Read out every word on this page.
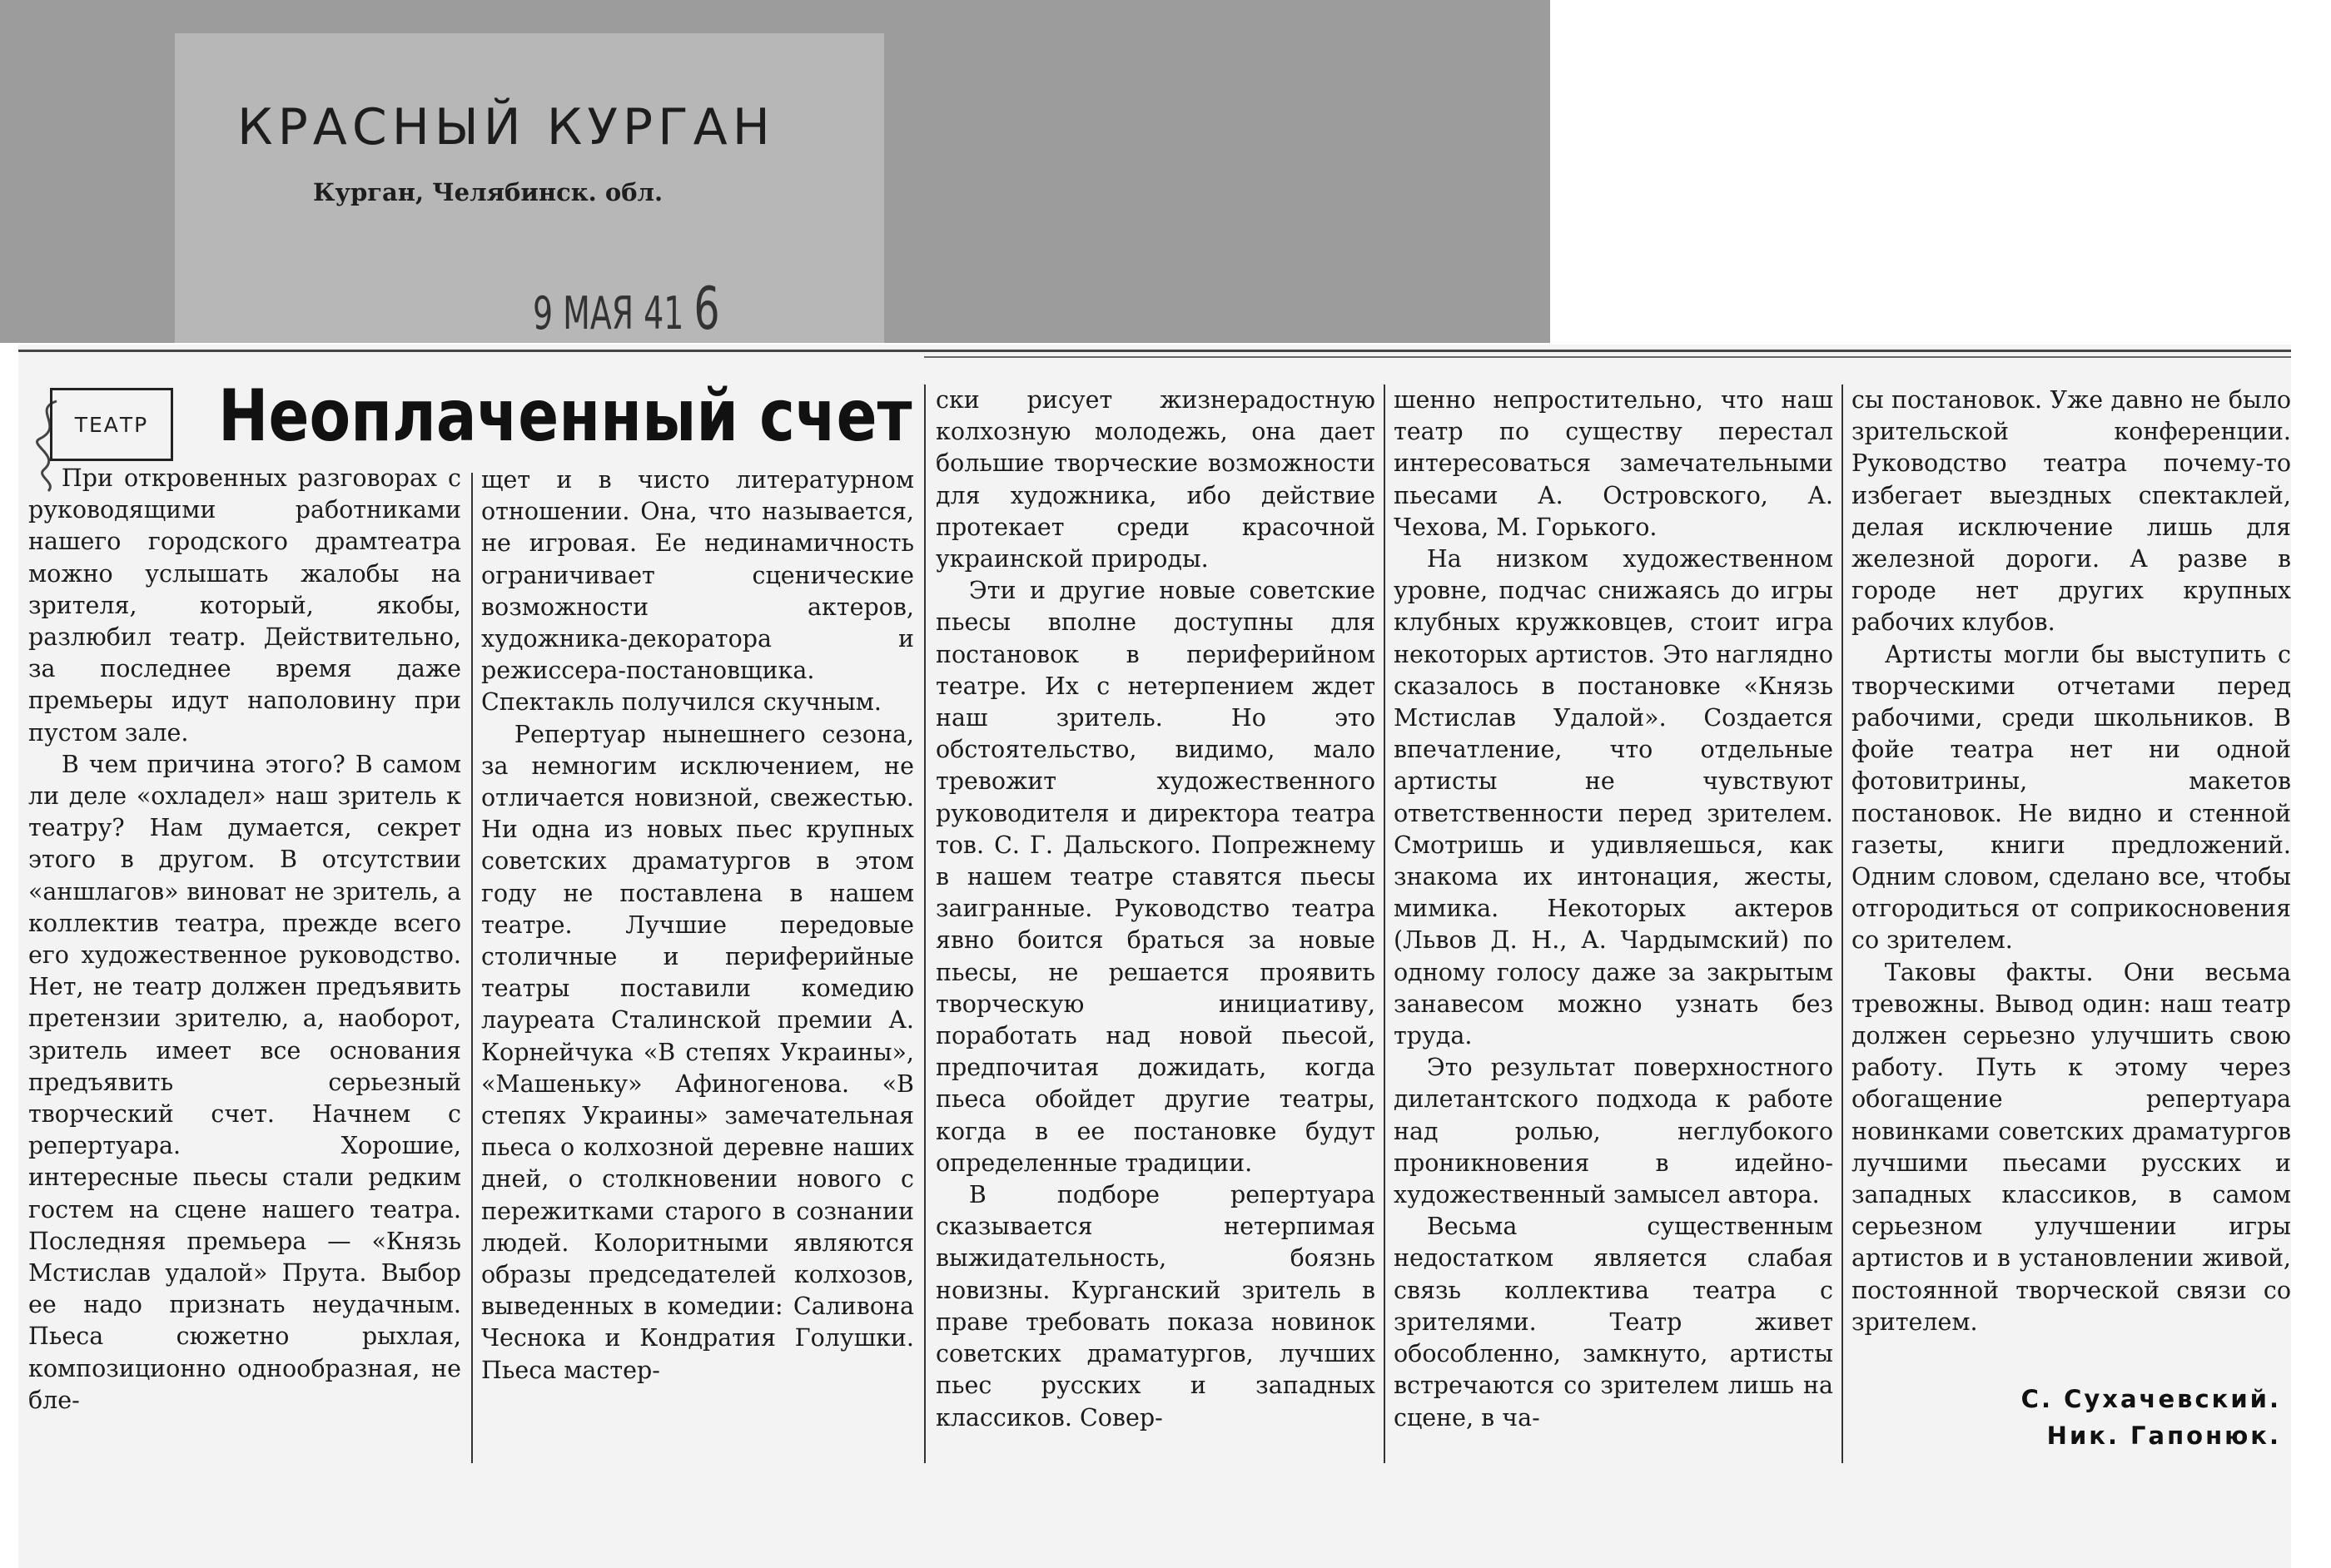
КРАСНЫЙ КУРГАН
Курган, Челябинск. обл.
9 МАЯ 41 6
ТЕАТР Неоплаченный счет

При откровенных разговорах с руководящими работниками нашего городского драмтеатра можно услышать жалобы на зрителя, который, якобы, разлюбил театр. Действительно, за последнее время даже премьеры идут наполовину при пустом зале.

В чем причина этого? В самом ли деле «охладел» наш зритель к театру? Нам думается, секрет этого в другом. В отсутствии «аншлагов» виноват не зритель, а коллектив театра, прежде всего его художественное руководство. Нет, не театр должен предъявить претензии зрителю, а, наоборот, зритель имеет все основания предъявить серьезный творческий счет. Начнем с репертуара. Хорошие, интересные пьесы стали редким гостем на сцене нашего театра. Последняя премьера — «Князь Мстислав удалой» Прута. Выбор ее надо признать неудачным. Пьеса сюжетно рыхлая, композиционно однообразная, не бле-

щет и в чисто литературном отношении. Она, что называется, не игровая. Ее нединамичность ограничивает сценические возможности актеров, художника-декоратора и режиссера-постановщика. Спектакль получился скучным.

Репертуар нынешнего сезона, за немногим исключением, не отличается новизной, свежестью. Ни одна из новых пьес крупных советских драматургов в этом году не поставлена в нашем театре. Лучшие передовые столичные и периферийные театры поставили комедию лауреата Сталинской премии А. Корнейчука «В степях Украины», «Машеньку» Афиногенова. «В степях Украины» замечательная пьеса о колхозной деревне наших дней, о столкновении нового с пережитками старого в сознании людей. Колоритными являются образы председателей колхозов, выведенных в комедии: Саливона Чеснока и Кондратия Голушки. Пьеса мастер-

ски рисует жизнерадостную колхозную молодежь, она дает большие творческие возможности для художника, ибо действие протекает среди красочной украинской природы.

Эти и другие новые советские пьесы вполне доступны для постановок в периферийном театре. Их с нетерпением ждет наш зритель. Но это обстоятельство, видимо, мало тревожит художественного руководителя и директора театра тов. С. Г. Дальского. Попрежнему в нашем театре ставятся пьесы заигранные. Руководство театра явно боится браться за новые пьесы, не решается проявить творческую инициативу, поработать над новой пьесой, предпочитая дожидать, когда пьеса обойдет другие театры, когда в ее постановке будут определенные традиции.

В подборе репертуара сказывается нетерпимая выжидательность, боязнь новизны. Курганский зритель в праве требовать показа новинок советских драматургов, лучших пьес русских и западных классиков. Совер-

шенно непростительно, что наш театр по существу перестал интересоваться замечательными пьесами А. Островского, А. Чехова, М. Горького.

На низком художественном уровне, подчас снижаясь до игры клубных кружковцев, стоит игра некоторых артистов. Это наглядно сказалось в постановке «Князь Мстислав Удалой». Создается впечатление, что отдельные артисты не чувствуют ответственности перед зрителем. Смотришь и удивляешься, как знакома их интонация, жесты, мимика. Некоторых актеров (Львов Д. Н., А. Чардымский) по одному голосу даже за закрытым занавесом можно узнать без труда.

Это результат поверхностного дилетантского подхода к работе над ролью, неглубокого проникновения в идейно-художественный замысел автора.

Весьма существенным недостатком является слабая связь коллектива театра с зрителями. Театр живет обособленно, замкнуто, артисты встречаются со зрителем лишь на сцене, в ча-

сы постановок. Уже давно не было зрительской конференции. Руководство театра почему-то избегает выездных спектаклей, делая исключение лишь для железной дороги. А разве в городе нет других крупных рабочих клубов.

Артисты могли бы выступить с творческими отчетами перед рабочими, среди школьников. В фойе театра нет ни одной фотовитрины, макетов постановок. Не видно и стенной газеты, книги предложений. Одним словом, сделано все, чтобы отгородиться от соприкосновения со зрителем.

Таковы факты. Они весьма тревожны. Вывод один: наш театр должен серьезно улучшить свою работу. Путь к этому через обогащение репертуара новинками советских драматургов лучшими пьесами русских и западных классиков, в самом серьезном улучшении игры артистов и в установлении живой, постоянной творческой связи со зрителем.

С. Сухачевский.
Ник. Гапонюк.
